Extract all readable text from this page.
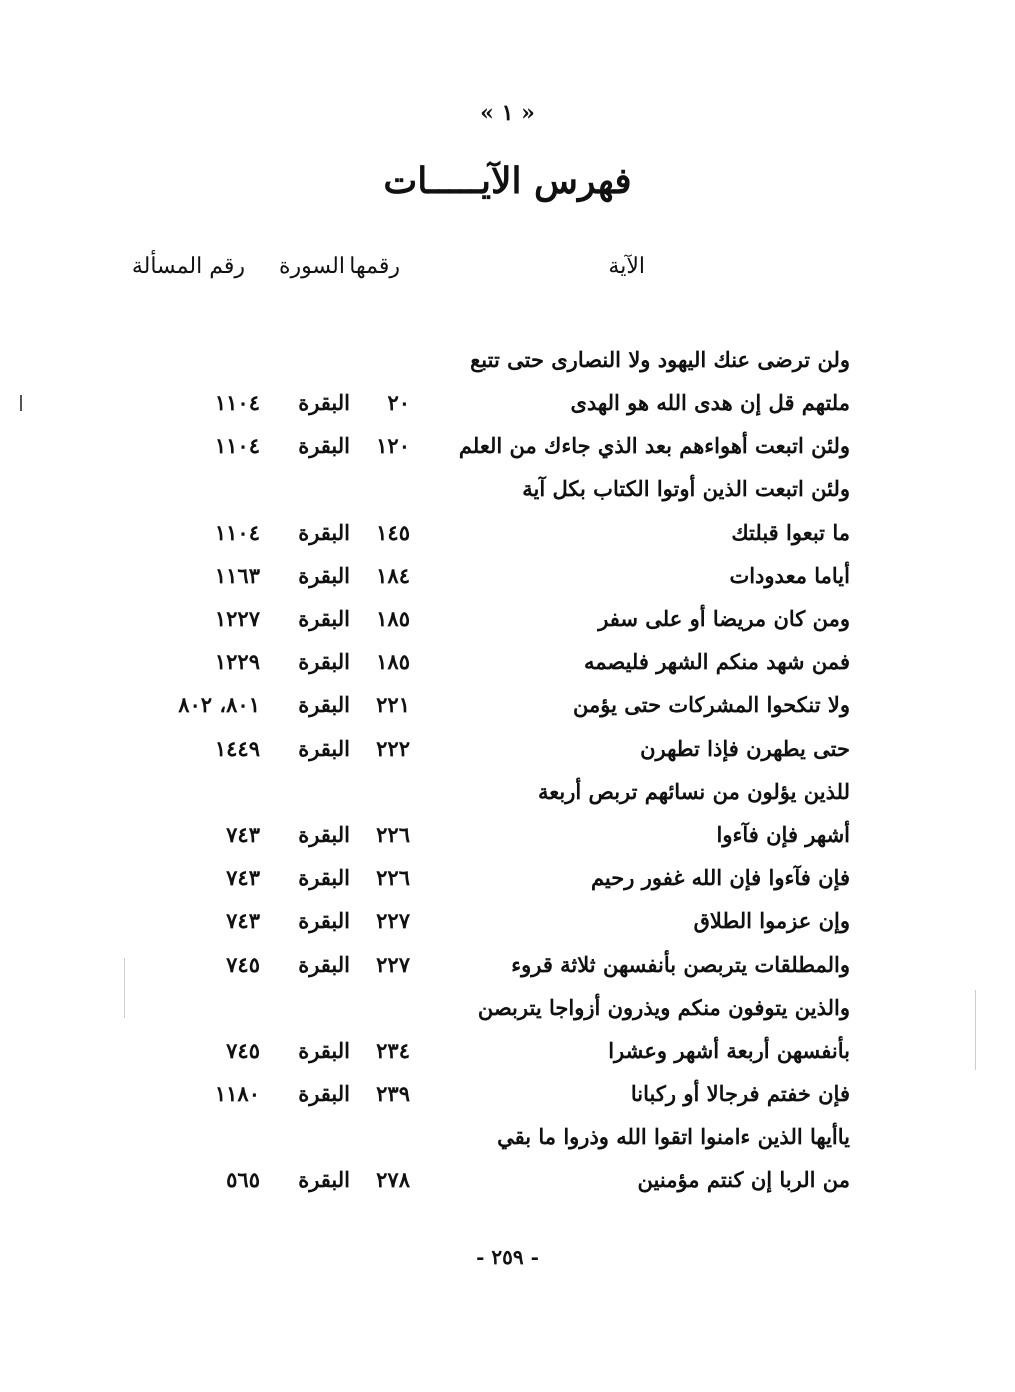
« ١ »
فهرس الآيـــــات
الآية
رقمها
السورة
رقم المسألة
ولن ترضى عنك اليهود ولا النصارى حتى تتبع
ملتهم قل إن هدى الله هو الهدى
٢٠
البقرة
١١٠٤
ولئن اتبعت أهواءهم بعد الذي جاءك من العلم
١٢٠
البقرة
١١٠٤
ولئن اتبعت الذين أوتوا الكتاب بكل آية
ما تبعوا قبلتك
١٤٥
البقرة
١١٠٤
أياما معدودات
١٨٤
البقرة
١١٦٣
ومن كان مريضا أو على سفر
١٨٥
البقرة
١٢٢٧
فمن شهد منكم الشهر فليصمه
١٨٥
البقرة
١٢٢٩
ولا تنكحوا المشركات حتى يؤمن
٢٢١
البقرة
٨٠١، ٨٠٢
حتى يطهرن فإذا تطهرن
٢٢٢
البقرة
١٤٤٩
للذين يؤلون من نسائهم تربص أربعة
أشهر فإن فآءوا
٢٢٦
البقرة
٧٤٣
فإن فآءوا فإن الله غفور رحيم
٢٢٦
البقرة
٧٤٣
وإن عزموا الطلاق
٢٢٧
البقرة
٧٤٣
والمطلقات يتربصن بأنفسهن ثلاثة قروء
٢٢٧
البقرة
٧٤٥
والذين يتوفون منكم ويذرون أزواجا يتربصن
بأنفسهن أربعة أشهر وعشرا
٢٣٤
البقرة
٧٤٥
فإن خفتم فرجالا أو ركبانا
٢٣٩
البقرة
١١٨٠
ياأيها الذين ءامنوا اتقوا الله وذروا ما بقي
من الربا إن كنتم مؤمنين
٢٧٨
البقرة
٥٦٥
- ٢٥٩ -
